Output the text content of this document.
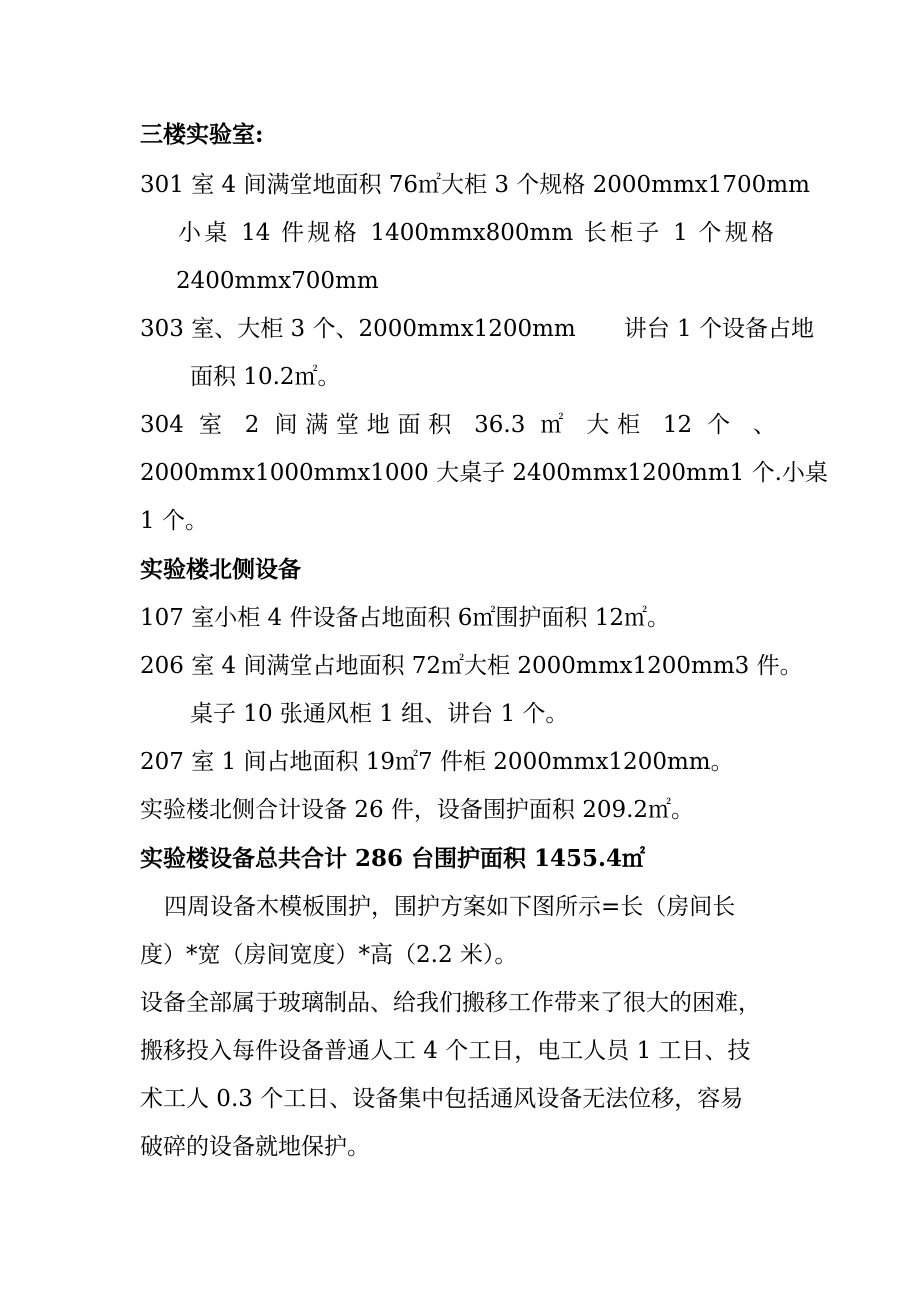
三楼实验室:
301 室 4 间满堂地面积 76㎡大柜 3 个规格 2000mmx1700mm
小桌 14 件规格 1400mmx800mm 长柜子 1 个规格
2400mmx700mm
303 室、大柜 3 个、2000mmx1200mm 讲台 1 个设备占地
面积 10.2㎡。
304 室 2 间满堂地面积 36.3 ㎡ 大柜 12 个 、
2000mmx1000mmx1000 大桌子 2400mmx1200mm1 个.小桌
1 个。
实验楼北侧设备
107 室小柜 4 件设备占地面积 6㎡围护面积 12㎡。
206 室 4 间满堂占地面积 72㎡大柜 2000mmx1200mm3 件。
桌子 10 张通风柜 1 组、讲台 1 个。
207 室 1 间占地面积 19㎡7 件柜 2000mmx1200mm。
实验楼北侧合计设备 26 件，设备围护面积 209.2㎡。
实验楼设备总共合计 286 台围护面积 1455.4㎡
四周设备木模板围护，围护方案如下图所示=长（房间长
度）*宽（房间宽度）*高（2.2 米）。
设备全部属于玻璃制品、给我们搬移工作带来了很大的困难，
搬移投入每件设备普通人工 4 个工日，电工人员 1 工日、技
术工人 0.3 个工日、设备集中包括通风设备无法位移，容易
破碎的设备就地保护。
